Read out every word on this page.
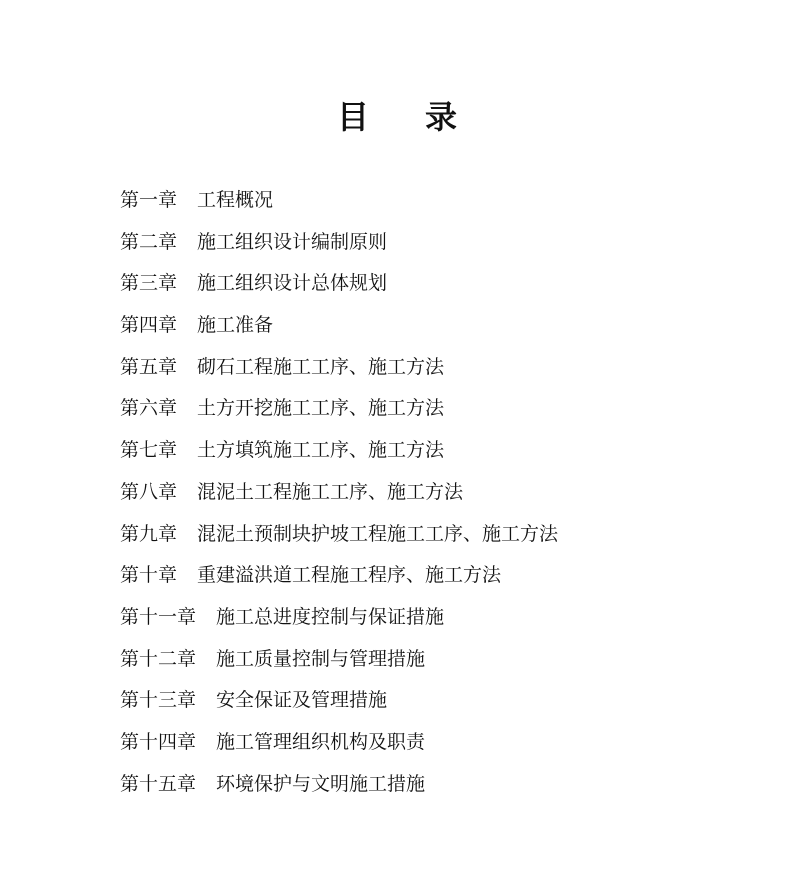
目 录
第一章 工程概况
第二章 施工组织设计编制原则
第三章 施工组织设计总体规划
第四章 施工准备
第五章 砌石工程施工工序、施工方法
第六章 土方开挖施工工序、施工方法
第七章 土方填筑施工工序、施工方法
第八章 混泥土工程施工工序、施工方法
第九章 混泥土预制块护坡工程施工工序、施工方法
第十章 重建溢洪道工程施工程序、施工方法
第十一章 施工总进度控制与保证措施
第十二章 施工质量控制与管理措施
第十三章 安全保证及管理措施
第十四章 施工管理组织机构及职责
第十五章 环境保护与文明施工措施
